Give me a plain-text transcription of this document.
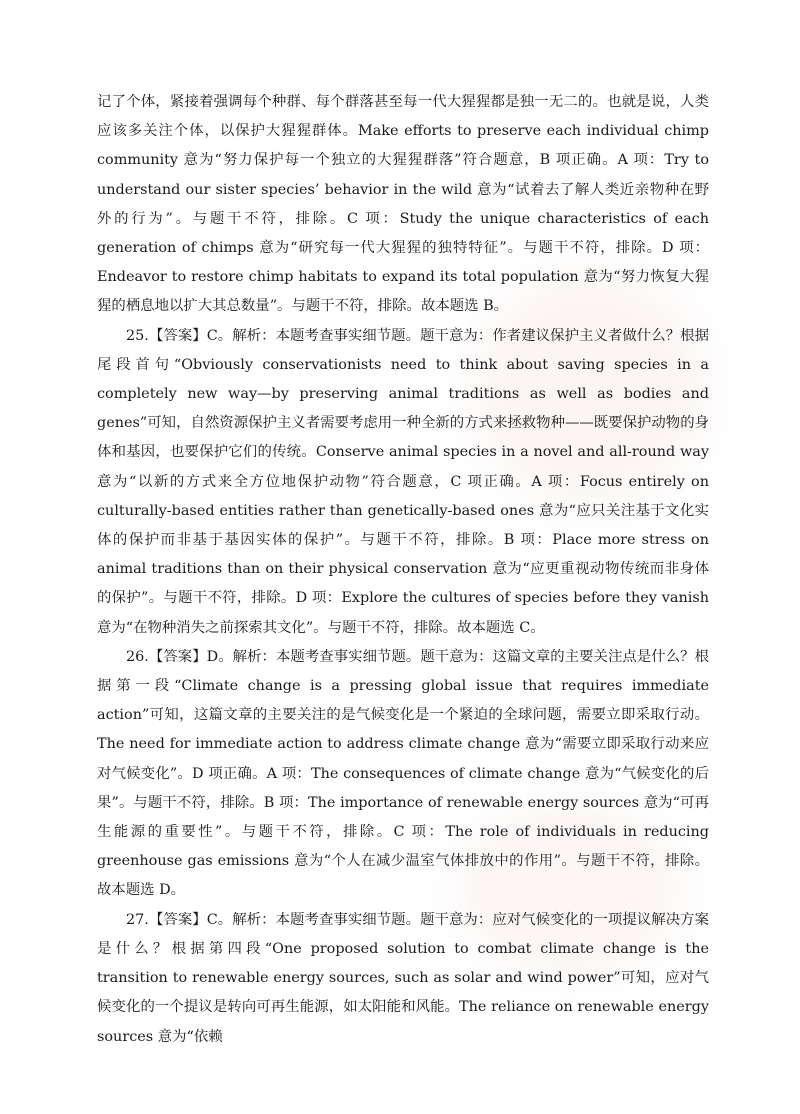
记了个体，紧接着强调每个种群、每个群落甚至每一代大猩猩都是独一无二的。也就是说，人类应该多关注个体，以保护大猩猩群体。Make efforts to preserve each individual chimp community 意为“努力保护每一个独立的大猩猩群落”符合题意，B 项正确。A 项：Try to understand our sister species’ behavior in the wild 意为“试着去了解人类近亲物种在野外的行为”。与题干不符，排除。C 项：Study the unique characteristics of each generation of chimps 意为“研究每一代大猩猩的独特特征”。与题干不符，排除。D 项：Endeavor to restore chimp habitats to expand its total population 意为“努力恢复大猩猩的栖息地以扩大其总数量”。与题干不符，排除。故本题选 B。

25.【答案】C。解析：本题考查事实细节题。题干意为：作者建议保护主义者做什么？根据尾段首句“Obviously conservationists need to think about saving species in a completely new way—by preserving animal traditions as well as bodies and genes”可知，自然资源保护主义者需要考虑用一种全新的方式来拯救物种——既要保护动物的身体和基因，也要保护它们的传统。Conserve animal species in a novel and all-round way 意为“以新的方式来全方位地保护动物”符合题意，C 项正确。A 项：Focus entirely on culturally-based entities rather than genetically-based ones 意为“应只关注基于文化实体的保护而非基于基因实体的保护”。与题干不符，排除。B 项：Place more stress on animal traditions than on their physical conservation 意为“应更重视动物传统而非身体的保护”。与题干不符，排除。D 项：Explore the cultures of species before they vanish 意为“在物种消失之前探索其文化”。与题干不符，排除。故本题选 C。

26.【答案】D。解析：本题考查事实细节题。题干意为：这篇文章的主要关注点是什么？根据第一段“Climate change is a pressing global issue that requires immediate action”可知，这篇文章的主要关注的是气候变化是一个紧迫的全球问题，需要立即采取行动。The need for immediate action to address climate change 意为“需要立即采取行动来应对气候变化”。D 项正确。A 项：The consequences of climate change 意为“气候变化的后果”。与题干不符，排除。B 项：The importance of renewable energy sources 意为“可再生能源的重要性”。与题干不符，排除。C 项：The role of individuals in reducing greenhouse gas emissions 意为“个人在减少温室气体排放中的作用”。与题干不符，排除。故本题选 D。

27.【答案】C。解析：本题考查事实细节题。题干意为：应对气候变化的一项提议解决方案是什么？根据第四段“One proposed solution to combat climate change is the transition to renewable energy sources, such as solar and wind power”可知，应对气候变化的一个提议是转向可再生能源，如太阳能和风能。The reliance on renewable energy sources 意为“依赖
